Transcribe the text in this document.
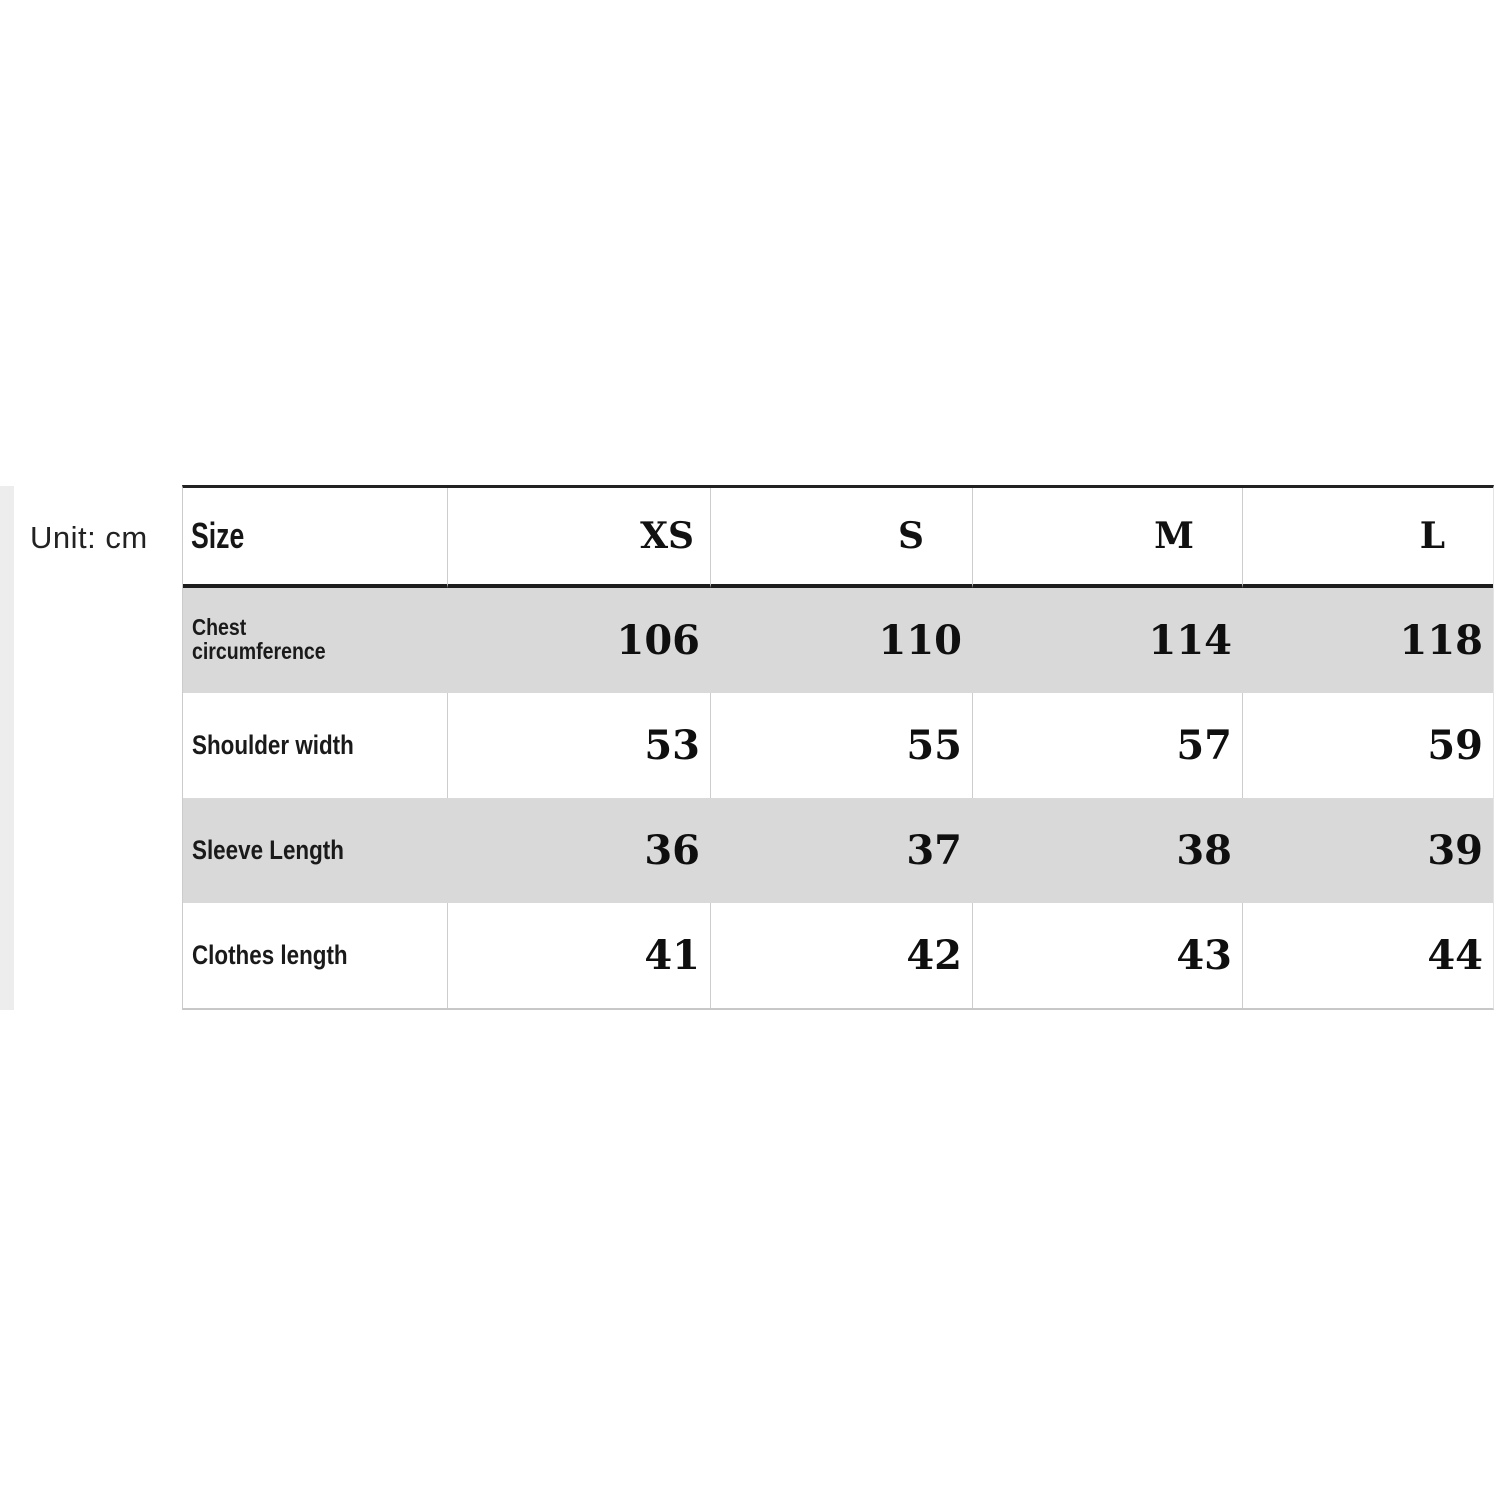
Unit: cm Size	XS	S	M	L
Chest circumference	106	110	114	118
Shoulder width	53	55	57	59
Sleeve Length	36	37	38	39
Clothes length	41	42	43	44
